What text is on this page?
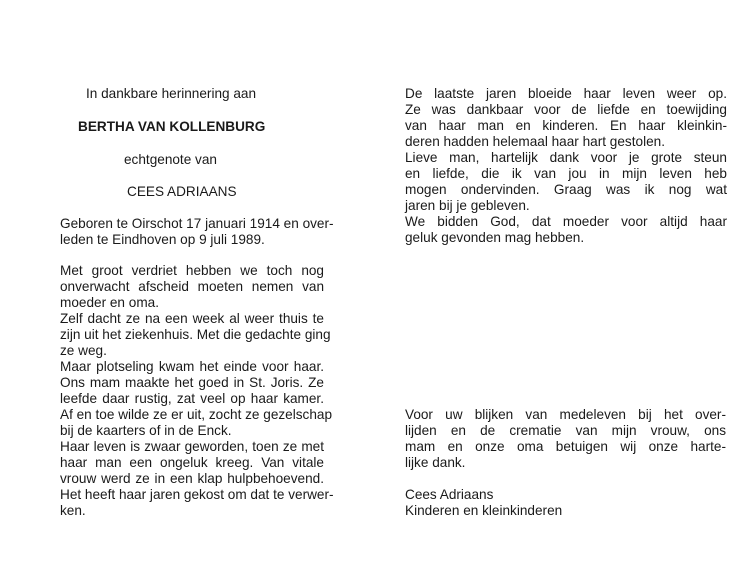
In dankbare herinnering aan
BERTHA VAN KOLLENBURG
echtgenote van
CEES ADRIAANS
Geboren te Oirschot 17 januari 1914 en over-
leden te Eindhoven op 9 juli 1989.
Met groot verdriet hebben we toch nog
onverwacht afscheid moeten nemen van
moeder en oma.
Zelf dacht ze na een week al weer thuis te
zijn uit het ziekenhuis. Met die gedachte ging
ze weg.
Maar plotseling kwam het einde voor haar.
Ons mam maakte het goed in St. Joris. Ze
leefde daar rustig, zat veel op haar kamer.
Af en toe wilde ze er uit, zocht ze gezelschap
bij de kaarters of in de Enck.
Haar leven is zwaar geworden, toen ze met
haar man een ongeluk kreeg. Van vitale
vrouw werd ze in een klap hulpbehoevend.
Het heeft haar jaren gekost om dat te verwer-
ken.
De laatste jaren bloeide haar leven weer op.
Ze was dankbaar voor de liefde en toewijding
van haar man en kinderen. En haar kleinkin-
deren hadden helemaal haar hart gestolen.
Lieve man, hartelijk dank voor je grote steun
en liefde, die ik van jou in mijn leven heb
mogen ondervinden. Graag was ik nog wat
jaren bij je gebleven.
We bidden God, dat moeder voor altijd haar
geluk gevonden mag hebben.
Voor uw blijken van medeleven bij het over-
lijden en de crematie van mijn vrouw, ons
mam en onze oma betuigen wij onze harte-
lijke dank.
Cees Adriaans
Kinderen en kleinkinderen
